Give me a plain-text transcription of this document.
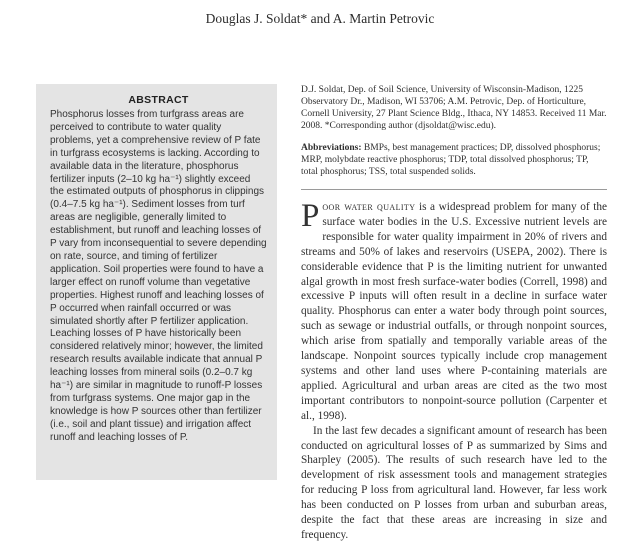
Douglas J. Soldat* and A. Martin Petrovic
ABSTRACT

Phosphorus losses from turfgrass areas are perceived to contribute to water quality problems, yet a comprehensive review of P fate in turfgrass ecosystems is lacking. According to available data in the literature, phosphorus fertilizer inputs (2–10 kg ha⁻¹) slightly exceed the estimated outputs of phosphorus in clippings (0.4–7.5 kg ha⁻¹). Sediment losses from turf areas are negligible, generally limited to establishment, but runoff and leaching losses of P vary from inconsequential to severe depending on rate, source, and timing of fertilizer application. Soil properties were found to have a larger effect on runoff volume than vegetative properties. Highest runoff and leaching losses of P occurred when rainfall occurred or was simulated shortly after P fertilizer application. Leaching losses of P have historically been considered relatively minor; however, the limited research results available indicate that annual P leaching losses from mineral soils (0.2–0.7 kg ha⁻¹) are similar in magnitude to runoff-P losses from turfgrass systems. One major gap in the knowledge is how P sources other than fertilizer (i.e., soil and plant tissue) and irrigation affect runoff and leaching losses of P.

D.J. Soldat, Dep. of Soil Science, University of Wisconsin-Madison, 1225 Observatory Dr., Madison, WI 53706; A.M. Petrovic, Dep. of Horticulture, Cornell University, 27 Plant Science Bldg., Ithaca, NY 14853. Received 11 Mar. 2008. *Corresponding author (djsoldat@wisc.edu).

Abbreviations: BMPs, best management practices; DP, dissolved phosphorus; MRP, molybdate reactive phosphorus; TDP, total dissolved phosphorus; TP, total phosphorus; TSS, total suspended solids.

Poor water quality is a widespread problem for many of the surface water bodies in the U.S. Excessive nutrient levels are responsible for water quality impairment in 20% of rivers and streams and 50% of lakes and reservoirs (USEPA, 2002). There is considerable evidence that P is the limiting nutrient for unwanted algal growth in most fresh surface-water bodies (Correll, 1998) and excessive P inputs will often result in a decline in surface water quality. Phosphorus can enter a water body through point sources, such as sewage or industrial outfalls, or through nonpoint sources, which arise from spatially and temporally variable areas of the landscape. Nonpoint sources typically include crop management systems and other land uses where P-containing materials are applied. Agricultural and urban areas are cited as the two most important contributors to nonpoint-source pollution (Carpenter et al., 1998).

In the last few decades a significant amount of research has been conducted on agricultural losses of P as summarized by Sims and Sharpley (2005). The results of such research have led to the development of risk assessment tools and management strategies for reducing P loss from agricultural land. However, far less work has been conducted on P losses from urban and suburban areas, despite the fact that these areas are increasing in size and frequency.
